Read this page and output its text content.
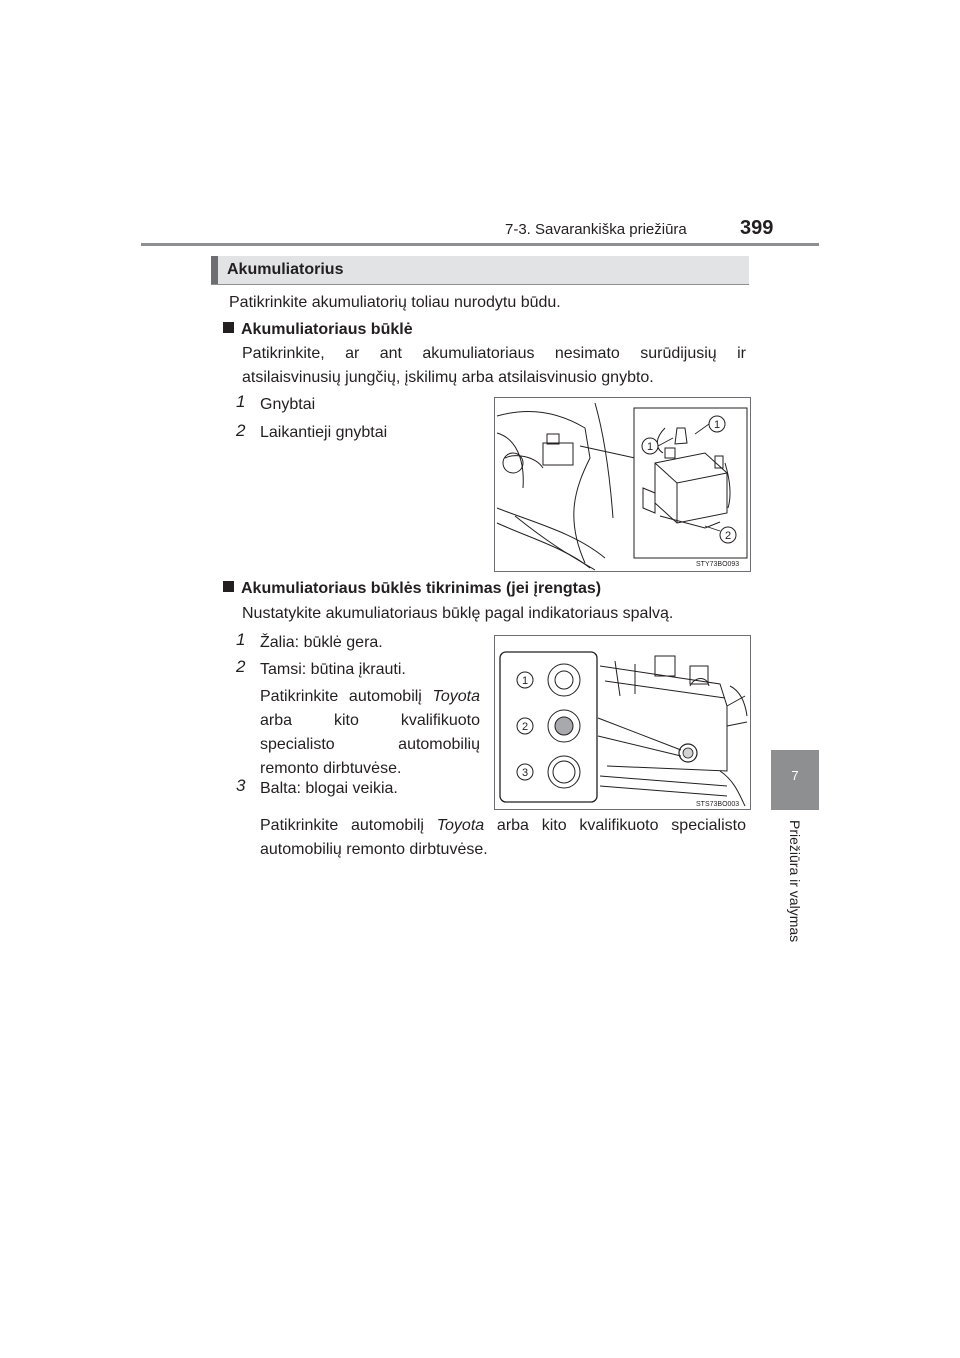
7-3. Savarankiška priežiūra	399
7
Priežiūra ir valymas
Akumuliatorius
Patikrinkite akumuliatorių toliau nurodytu būdu.
Akumuliatoriaus būklė
Patikrinkite, ar ant akumuliatoriaus nesimato surūdijusių ir atsilaisvinusių jungčių, įskilimų arba atsilaisvinusio gnybto.
1 Gnybtai
2 Laikantieji gnybtai
1
1
2
STY73BO093
Akumuliatoriaus būklės tikrinimas (jei įrengtas)
Nustatykite akumuliatoriaus būklę pagal indikatoriaus spalvą.
1 Žalia: būklė gera.
2 Tamsi: būtina įkrauti.
Patikrinkite automobilį Toyota arba kito kvalifikuoto specialisto automobilių remonto dirbtuvėse.
3 Balta: blogai veikia.
Patikrinkite automobilį Toyota arba kito kvalifikuoto specialisto automobilių remonto dirbtuvėse.
1
2
3
STS73BO003
